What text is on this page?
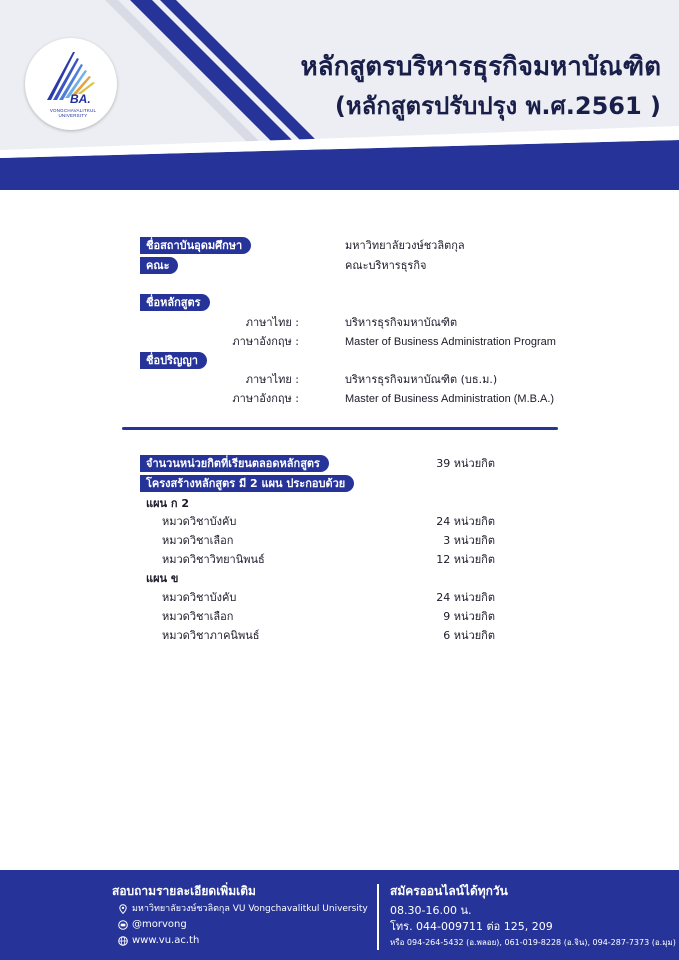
BA.
VONGCHAVALITKUL UNIVERSITY
หลักสูตรบริหารธุรกิจมหาบัณฑิต
(หลักสูตรปรับปรุง พ.ศ.2561 )
ชื่อสถาบันอุดมศึกษา	มหาวิทยาลัยวงษ์ชวลิตกุล
คณะ	คณะบริหารธุรกิจ
ชื่อหลักสูตร
ภาษาไทย :	บริหารธุรกิจมหาบัณฑิต
ภาษาอังกฤษ :	Master of Business Administration Program
ชื่อปริญญา
ภาษาไทย :	บริหารธุรกิจมหาบัณฑิต (บธ.ม.)
ภาษาอังกฤษ :	Master of Business Administration (M.B.A.)
จำนวนหน่วยกิตที่เรียนตลอดหลักสูตร	39 หน่วยกิต
โครงสร้างหลักสูตร มี 2 แผน ประกอบด้วย
แผน ก 2
หมวดวิชาบังคับ	24 หน่วยกิต
หมวดวิชาเลือก	3 หน่วยกิต
หมวดวิชาวิทยานิพนธ์	12 หน่วยกิต
แผน ข
หมวดวิชาบังคับ	24 หน่วยกิต
หมวดวิชาเลือก	9 หน่วยกิต
หมวดวิชาภาคนิพนธ์	6 หน่วยกิต
สอบถามรายละเอียดเพิ่มเติม
มหาวิทยาลัยวงษ์ชวลิตกุล VU Vongchavalitkul University
@morvong
www.vu.ac.th
สมัครออนไลน์ได้ทุกวัน
08.30-16.00 น.
โทร. 044-009711 ต่อ 125, 209
หรือ 094-264-5432 (อ.พลอย), 061-019-8228 (อ.จิน), 094-287-7373 (อ.มุม)
